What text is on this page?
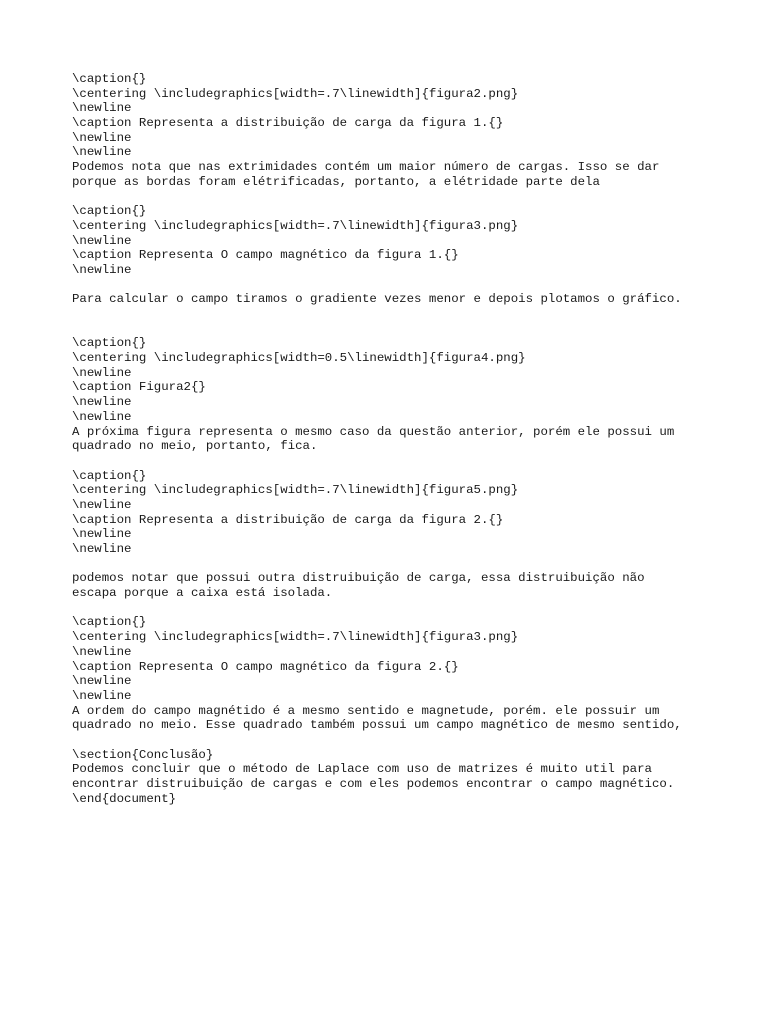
\caption{}
\centering \includegraphics[width=.7\linewidth]{figura2.png}
\newline
\caption Representa a distribuição de carga da figura 1.{}
\newline
\newline
Podemos nota que nas extrimidades contém um maior número de cargas. Isso se dar
porque as bordas foram elétrificadas, portanto, a elétridade parte dela
\caption{}
\centering \includegraphics[width=.7\linewidth]{figura3.png}
\newline
\caption Representa O campo magnético da figura 1.{}
\newline
Para calcular o campo tiramos o gradiente vezes menor e depois plotamos o gráfico.
\caption{}
\centering \includegraphics[width=0.5\linewidth]{figura4.png}
\newline
\caption Figura2{}
\newline
\newline
A próxima figura representa o mesmo caso da questão anterior, porém ele possui um
quadrado no meio, portanto, fica.
\caption{}
\centering \includegraphics[width=.7\linewidth]{figura5.png}
\newline
\caption Representa a distribuição de carga da figura 2.{}
\newline
\newline
podemos notar que possui outra distruibuição de carga, essa distruibuição não
escapa porque a caixa está isolada.
\caption{}
\centering \includegraphics[width=.7\linewidth]{figura3.png}
\newline
\caption Representa O campo magnético da figura 2.{}
\newline
\newline
A ordem do campo magnétido é a mesmo sentido e magnetude, porém. ele possuir um
quadrado no meio. Esse quadrado também possui um campo magnético de mesmo sentido,
\section{Conclusão}
Podemos concluir que o método de Laplace com uso de matrizes é muito util para
encontrar distruibuição de cargas e com eles podemos encontrar o campo magnético.
\end{document}
